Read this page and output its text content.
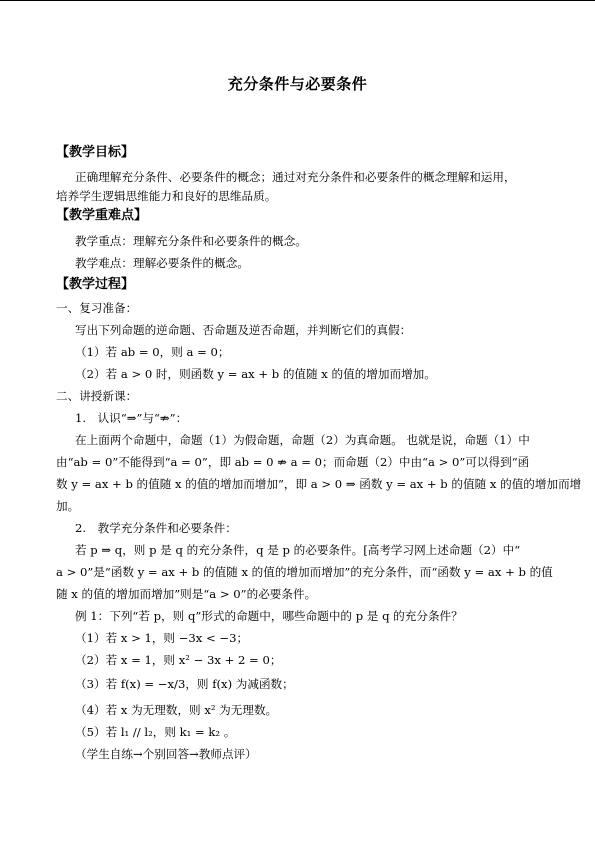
充分条件与必要条件
【教学目标】
正确理解充分条件、必要条件的概念；通过对充分条件和必要条件的概念理解和运用，
培养学生逻辑思维能力和良好的思维品质。
【教学重难点】
教学重点：理解充分条件和必要条件的概念。
教学难点：理解必要条件的概念。
【教学过程】
一、复习准备：
写出下列命题的逆命题、否命题及逆否命题，并判断它们的真假：
（1）若 ab = 0，则 a = 0；
（2）若 a > 0 时，则函数 y = ax + b 的值随 x 的值的增加而增加。
二、讲授新课：
1.　认识“⇒”与“⇏”：
在上面两个命题中，命题（1）为假命题，命题（2）为真命题。 也就是说，命题（1）中
由“ab = 0”不能得到“a = 0”，即 ab = 0 ⇏ a = 0；而命题（2）中由“a > 0”可以得到“函
数 y = ax + b 的值随 x 的值的增加而增加”，即 a > 0 ⇒ 函数 y = ax + b 的值随 x 的值的增加而增
加。
2.　教学充分条件和必要条件：
若 p ⇒ q，则 p 是 q 的充分条件，q 是 p 的必要条件。[高考学习网上述命题（2）中“
a > 0”是“函数 y = ax + b 的值随 x 的值的增加而增加”的充分条件，而“函数 y = ax + b 的值
随 x 的值的增加而增加”则是“a > 0”的必要条件。
例 1：下列“若 p，则 q”形式的命题中，哪些命题中的 p 是 q 的充分条件？
（1）若 x > 1，则 −3x < −3；
（2）若 x = 1，则 x² − 3x + 2 = 0；
（3）若 f(x) = −x/3，则 f(x) 为减函数；
（4）若 x 为无理数，则 x² 为无理数。
（5）若 l₁ // l₂，则 k₁ = k₂ 。
（学生自练→个别回答→教师点评）
